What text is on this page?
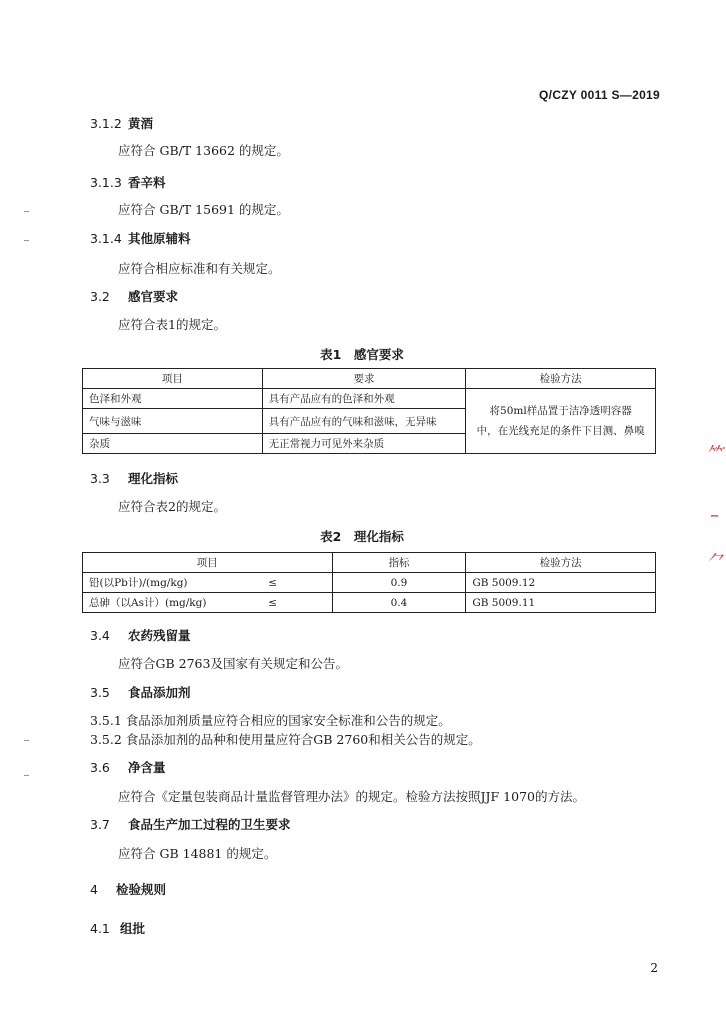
Q/CZY 0011 S—2019
3.1.2 黄酒
应符合 GB/T 13662 的规定。
3.1.3 香辛料
应符合 GB/T 15691 的规定。
3.1.4 其他原辅料
应符合相应标准和有关规定。
3.2 感官要求
应符合表1的规定。
表1　感官要求
项目	要求	检验方法
色泽和外观	具有产品应有的色泽和外观	将50ml样品置于洁净透明容器
中，在光线充足的条件下目测、鼻嗅

气味与滋味	具有产品应有的气味和滋味，无异味	
杂质	无正常视力可见外来杂质	
3.3 理化指标
应符合表2的规定。
表2　理化指标
项目		指标	检验方法
铅(以Pb计)/(mg/kg)	≤	0.9	GB 5009.12
总砷（以As计）(mg/kg)	≤	0.4	GB 5009.11
3.4 农药残留量
应符合GB 2763及国家有关规定和公告。
3.5 食品添加剂
3.5.1 食品添加剂质量应符合相应的国家安全标准和公告的规定。
3.5.2 食品添加剂的品种和使用量应符合GB 2760和相关公告的规定。
3.6 净含量
应符合《定量包装商品计量监督管理办法》的规定。检验方法按照JJF 1070的方法。
3.7 食品生产加工过程的卫生要求
应符合 GB 14881 的规定。
4 检验规则
4.1 组批
2
⺮
–
⺈
